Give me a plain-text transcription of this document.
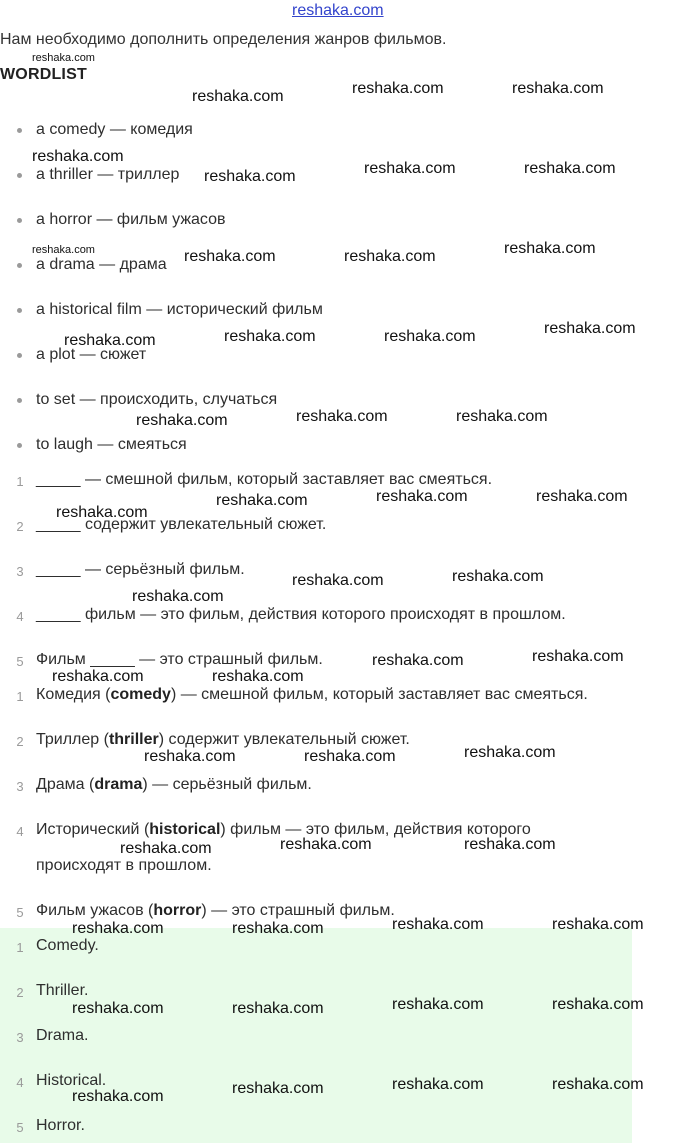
reshaka.com
Нам необходимо дополнить определения жанров фильмов.
WORDLIST
a comedy — комедия
a thriller — триллер
a horror — фильм ужасов
a drama — драма
a historical film — исторический фильм
a plot — сюжет
to set — происходить, случаться
to laugh — смеяться
1 _____ — смешной фильм, который заставляет вас смеяться.
2 _____ содержит увлекательный сюжет.
3 _____ — серьёзный фильм.
4 _____ фильм — это фильм, действия которого происходят в прошлом.
5 Фильм _____ — это страшный фильм.
1 Комедия (comedy) — смешной фильм, который заставляет вас смеяться.
2 Триллер (thriller) содержит увлекательный сюжет.
3 Драма (drama) — серьёзный фильм.
4 Исторический (historical) фильм — это фильм, действия которого
происходят в прошлом.
5 Фильм ужасов (horror) — это страшный фильм.
1 Comedy.
2 Thriller.
3 Drama.
4 Historical.
5 Horror.
reshaka.com
reshaka.com	reshaka.com	reshaka.com
reshaka.com
reshaka.com	reshaka.com	reshaka.com
reshaka.com	reshaka.com	reshaka.com	reshaka.com
reshaka.com	reshaka.com	reshaka.com	reshaka.com
reshaka.com	reshaka.com	reshaka.com
reshaka.com	reshaka.com	reshaka.com
reshaka.com
reshaka.com	reshaka.com
reshaka.com
reshaka.com	reshaka.com
reshaka.com	reshaka.com
reshaka.com	reshaka.com	reshaka.com
reshaka.com	reshaka.com	reshaka.com
reshaka.com	reshaka.com	reshaka.com	reshaka.com
reshaka.com	reshaka.com	reshaka.com	reshaka.com
reshaka.com	reshaka.com	reshaka.com	reshaka.com
